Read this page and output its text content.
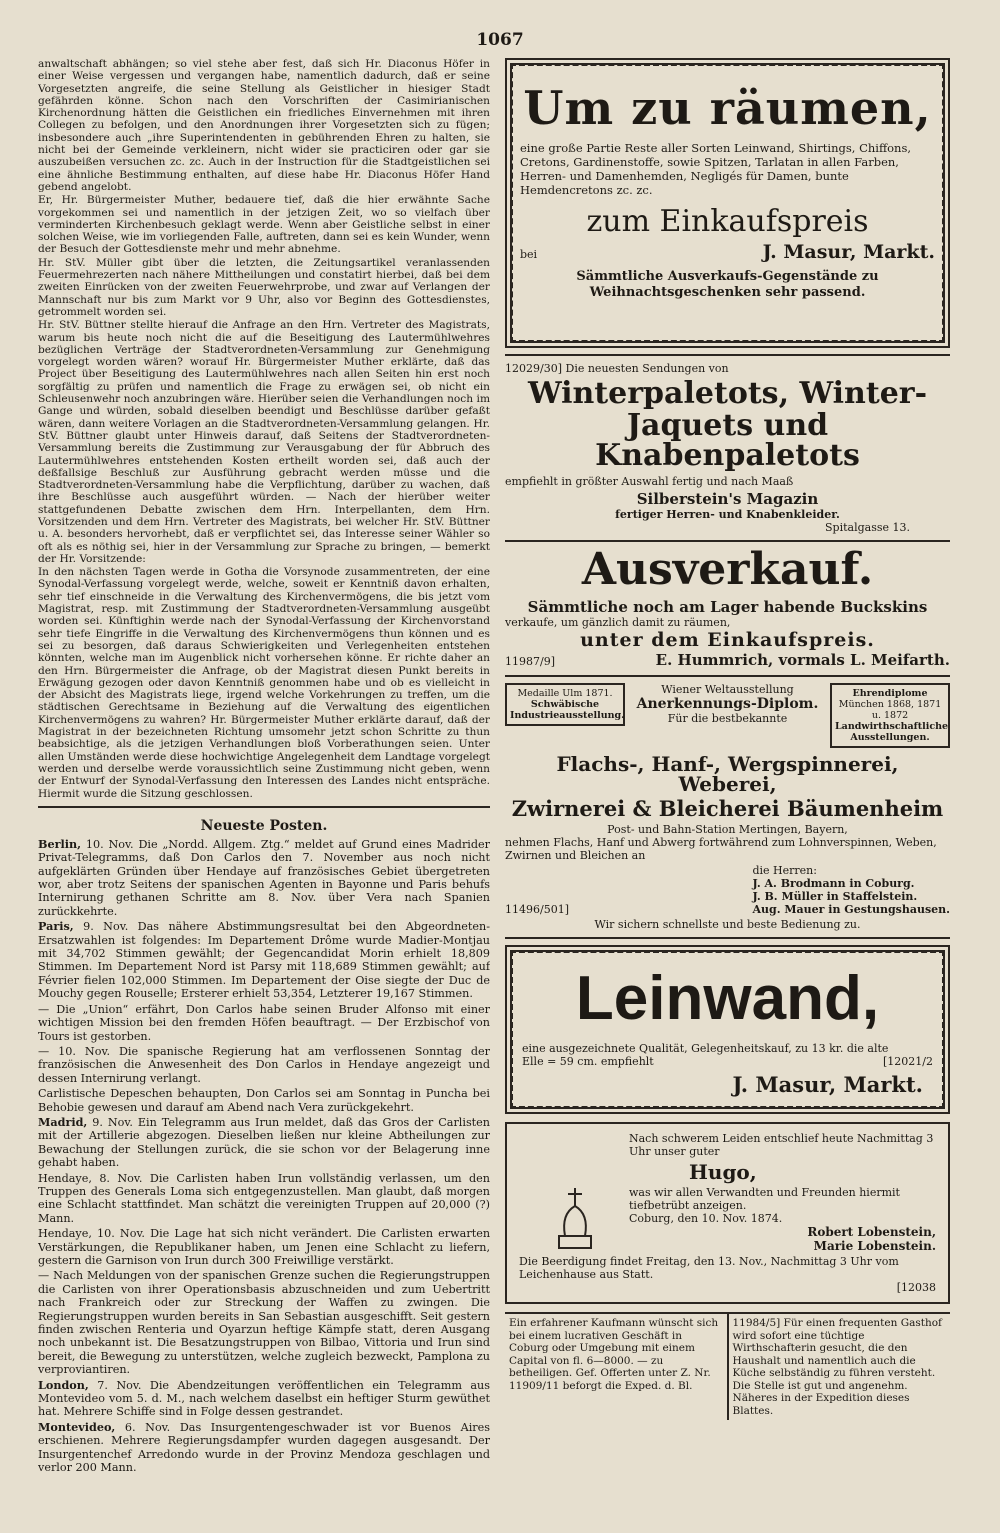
1067

anwaltschaft abhängen; so viel stehe aber fest, daß sich Hr. Diaconus Höfer in einer Weise vergessen und vergangen habe, namentlich dadurch, daß er seine Vorgesetzten angreife, die seine Stellung als Geistlicher in hiesiger Stadt gefährden könne. Schon nach den Vorschriften der Casimirianischen Kirchenordnung hätten die Geistlichen ein friedliches Einvernehmen mit ihren Collegen zu befolgen, und den Anordnungen ihrer Vorgesetzten sich zu fügen; insbesondere auch „ihre Superintendenten in gebührenden Ehren zu halten, sie nicht bei der Gemeinde verkleinern, nicht wider sie practiciren oder gar sie auszubeißen versuchen zc. zc. Auch in der Instruction für die Stadtgeistlichen sei eine ähnliche Bestimmung enthalten, auf diese habe Hr. Diaconus Höfer Hand gebend angelobt.

Er, Hr. Bürgermeister Muther, bedauere tief, daß die hier erwähnte Sache vorgekommen sei und namentlich in der jetzigen Zeit, wo so vielfach über verminderten Kirchenbesuch geklagt werde. Wenn aber Geistliche selbst in einer solchen Weise, wie im vorliegenden Falle, auftreten, dann sei es kein Wunder, wenn der Besuch der Gottesdienste mehr und mehr abnehme.

Hr. StV. Müller gibt über die letzten, die Zeitungsartikel veranlassenden Feuermehrezerten nach nähere Mittheilungen und constatirt hierbei, daß bei dem zweiten Einrücken von der zweiten Feuerwehrprobe, und zwar auf Verlangen der Mannschaft nur bis zum Markt vor 9 Uhr, also vor Beginn des Gottesdienstes, getrommelt worden sei.

Hr. StV. Büttner stellte hierauf die Anfrage an den Hrn. Vertreter des Magistrats, warum bis heute noch nicht die auf die Beseitigung des Lautermühlwehres bezüglichen Verträge der Stadtverordneten-Versammlung zur Genehmigung vorgelegt worden wären? worauf Hr. Bürgermeister Muther erklärte, daß das Project über Beseitigung des Lautermühlwehres nach allen Seiten hin erst noch sorgfältig zu prüfen und namentlich die Frage zu erwägen sei, ob nicht ein Schleusenwehr noch anzubringen wäre. Hierüber seien die Verhandlungen noch im Gange und würden, sobald dieselben beendigt und Beschlüsse darüber gefaßt wären, dann weitere Vorlagen an die Stadtverordneten-Versammlung gelangen. Hr. StV. Büttner glaubt unter Hinweis darauf, daß Seitens der Stadtverordneten-Versammlung bereits die Zustimmung zur Verausgabung der für Abbruch des Lautermühlwehres entstehenden Kosten ertheilt worden sei, daß auch der deßfallsige Beschluß zur Ausführung gebracht werden müsse und die Stadtverordneten-Versammlung habe die Verpflichtung, darüber zu wachen, daß ihre Beschlüsse auch ausgeführt würden. — Nach der hierüber weiter stattgefundenen Debatte zwischen dem Hrn. Interpellanten, dem Hrn. Vorsitzenden und dem Hrn. Vertreter des Magistrats, bei welcher Hr. StV. Büttner u. A. besonders hervorhebt, daß er verpflichtet sei, das Interesse seiner Wähler so oft als es nöthig sei, hier in der Versammlung zur Sprache zu bringen, — bemerkt der Hr. Vorsitzende:

In den nächsten Tagen werde in Gotha die Vorsynode zusammentreten, der eine Synodal-Verfassung vorgelegt werde, welche, soweit er Kenntniß davon erhalten, sehr tief einschneide in die Verwaltung des Kirchenvermögens, die bis jetzt vom Magistrat, resp. mit Zustimmung der Stadtverordneten-Versammlung ausgeübt worden sei. Künftighin werde nach der Synodal-Verfassung der Kirchenvorstand sehr tiefe Eingriffe in die Verwaltung des Kirchenvermögens thun können und es sei zu besorgen, daß daraus Schwierigkeiten und Verlegenheiten entstehen könnten, welche man im Augenblick nicht vorhersehen könne. Er richte daher an den Hrn. Bürgermeister die Anfrage, ob der Magistrat diesen Punkt bereits in Erwägung gezogen oder davon Kenntniß genommen habe und ob es vielleicht in der Absicht des Magistrats liege, irgend welche Vorkehrungen zu treffen, um die städtischen Gerechtsame in Beziehung auf die Verwaltung des eigentlichen Kirchenvermögens zu wahren? Hr. Bürgermeister Muther erklärte darauf, daß der Magistrat in der bezeichneten Richtung umsomehr jetzt schon Schritte zu thun beabsichtige, als die jetzigen Verhandlungen bloß Vorberathungen seien. Unter allen Umständen werde diese hochwichtige Angelegenheit dem Landtage vorgelegt werden und derselbe werde voraussichtlich seine Zustimmung nicht geben, wenn der Entwurf der Synodal-Verfassung den Interessen des Landes nicht entspräche. Hiermit wurde die Sitzung geschlossen.

Neueste Posten.

Berlin, 10. Nov. Die „Nordd. Allgem. Ztg.“ meldet auf Grund eines Madrider Privat-Telegramms, daß Don Carlos den 7. November aus noch nicht aufgeklärten Gründen über Hendaye auf französisches Gebiet übergetreten wor, aber trotz Seitens der spanischen Agenten in Bayonne und Paris behufs Internirung gethanen Schritte am 8. Nov. über Vera nach Spanien zurückkehrte.

Paris, 9. Nov. Das nähere Abstimmungsresultat bei den Abgeordneten-Ersatzwahlen ist folgendes: Im Departement Drôme wurde Madier-Montjau mit 34,702 Stimmen gewählt; der Gegencandidat Morin erhielt 18,809 Stimmen. Im Departement Nord ist Parsy mit 118,689 Stimmen gewählt; auf Février fielen 102,000 Stimmen. Im Departement der Oise siegte der Duc de Mouchy gegen Rouselle; Ersterer erhielt 53,354, Letzterer 19,167 Stimmen.

— Die „Union“ erfährt, Don Carlos habe seinen Bruder Alfonso mit einer wichtigen Mission bei den fremden Höfen beauftragt. — Der Erzbischof von Tours ist gestorben.

— 10. Nov. Die spanische Regierung hat am verflossenen Sonntag der französischen die Anwesenheit des Don Carlos in Hendaye angezeigt und dessen Internirung verlangt.

Carlistische Depeschen behaupten, Don Carlos sei am Sonntag in Puncha bei Behobie gewesen und darauf am Abend nach Vera zurückgekehrt.

Madrid, 9. Nov. Ein Telegramm aus Irun meldet, daß das Gros der Carlisten mit der Artillerie abgezogen. Dieselben ließen nur kleine Abtheilungen zur Bewachung der Stellungen zurück, die sie schon vor der Belagerung inne gehabt haben.

Hendaye, 8. Nov. Die Carlisten haben Irun vollständig verlassen, um den Truppen des Generals Loma sich entgegenzustellen. Man glaubt, daß morgen eine Schlacht stattfindet. Man schätzt die vereinigten Truppen auf 20,000 (?) Mann.

Hendaye, 10. Nov. Die Lage hat sich nicht verändert. Die Carlisten erwarten Verstärkungen, die Republikaner haben, um Jenen eine Schlacht zu liefern, gestern die Garnison von Irun durch 300 Freiwillige verstärkt.

— Nach Meldungen von der spanischen Grenze suchen die Regierungstruppen die Carlisten von ihrer Operationsbasis abzuschneiden und zum Uebertritt nach Frankreich oder zur Streckung der Waffen zu zwingen. Die Regierungstruppen wurden bereits in San Sebastian ausgeschifft. Seit gestern finden zwischen Renteria und Oyarzun heftige Kämpfe statt, deren Ausgang noch unbekannt ist. Die Besatzungstruppen von Bilbao, Vittoria und Irun sind bereit, die Bewegung zu unterstützen, welche zugleich bezweckt, Pamplona zu verproviantiren.

London, 7. Nov. Die Abendzeitungen veröffentlichen ein Telegramm aus Montevideo vom 5. d. M., nach welchem daselbst ein heftiger Sturm gewüthet hat. Mehrere Schiffe sind in Folge dessen gestrandet.

Montevideo, 6. Nov. Das Insurgentengeschwader ist vor Buenos Aires erschienen. Mehrere Regierungsdampfer wurden dagegen ausgesandt. Der Insurgentenchef Arredondo wurde in der Provinz Mendoza geschlagen und verlor 200 Mann.

Um zu räumen,
eine große Partie Reste aller Sorten Leinwand, Shirtings, Chiffons, Cretons, Gardinenstoffe, sowie Spitzen, Tarlatan in allen Farben, Herren- und Damenhemden, Negligés für Damen, bunte Hemdencretons zc. zc.
zum Einkaufspreis
bei	J. Masur, Markt.
Sämmtliche Ausverkaufs-Gegenstände zu Weihnachtsgeschenken sehr passend.
12029/30] Die neuesten Sendungen von
Winterpaletots, Winter-
Jaquets und Knabenpaletots
empfiehlt in größter Auswahl fertig und nach Maaß
Silberstein's Magazin
fertiger Herren- und Knabenkleider.
Spitalgasse 13.
Ausverkauf.
Sämmtliche noch am Lager habende Buckskins
verkaufe, um gänzlich damit zu räumen,
unter dem Einkaufspreis.
11987/9]	E. Hummrich, vormals L. Meifarth.
Medaille Ulm 1871.
Schwäbische
Industrieausstellung.
Wiener Weltausstellung
Anerkennungs-Diplom.
Für die bestbekannte
Ehrendiplome
München 1868, 1871 u. 1872
Landwirthschaftliche
Ausstellungen.
Flachs-, Hanf-, Wergspinnerei, Weberei,
Zwirnerei & Bleicherei Bäumenheim
Post- und Bahn-Station Mertingen, Bayern,
nehmen Flachs, Hanf und Abwerg fortwährend zum Lohnverspinnen, Weben, Zwirnen und Bleichen an
11496/501]
die Herren:
J. A. Brodmann in Coburg.
J. B. Müller in Staffelstein.
Aug. Mauer in Gestungshausen.
Wir sichern schnellste und beste Bedienung zu.
Leinwand,
eine ausgezeichnete Qualität, Gelegenheitskauf, zu 13 kr. die alte
Elle = 59 cm. empfiehlt	[12021/2
J. Masur, Markt.
Nach schwerem Leiden entschlief heute Nachmittag 3 Uhr unser guter
Hugo,
was wir allen Verwandten und Freunden hiermit tiefbetrübt anzeigen.
Coburg, den 10. Nov. 1874.
Robert Lobenstein,
Marie Lobenstein.
Die Beerdigung findet Freitag, den 13. Nov., Nachmittag 3 Uhr vom Leichenhause aus Statt.
[12038
Ein erfahrener Kaufmann wünscht sich bei einem lucrativen Geschäft in Coburg oder Umgebung mit einem Capital von fl. 6—8000. — zu betheiligen. Gef. Offerten unter Z. Nr. 11909/11 beforgt die Exped. d. Bl.
11984/5] Für einen frequenten Gasthof wird sofort eine tüchtige Wirthschafterin gesucht, die den Haushalt und namentlich auch die Küche selbständig zu führen versteht. Die Stelle ist gut und angenehm. Näheres in der Expedition dieses Blattes.
